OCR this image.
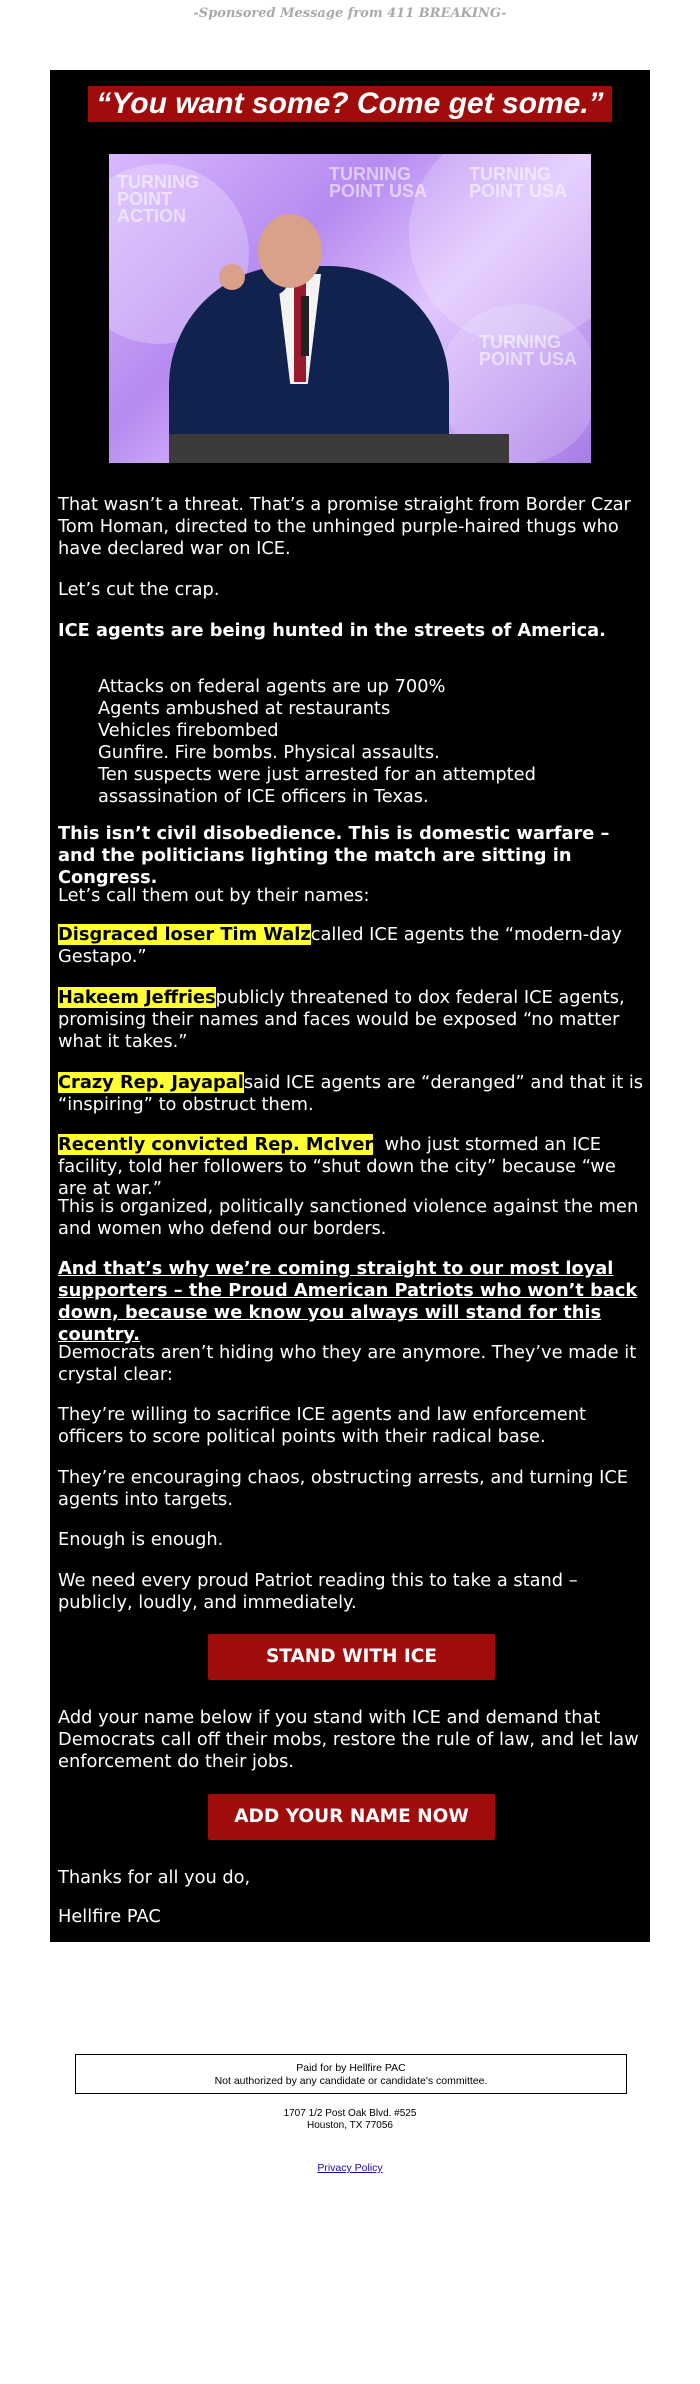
-Sponsored Message from 411 BREAKING-
“You want some? Come get some.”
TURNING POINT ACTION
TURNING POINT USA
TURNING POINT USA
TURNING POINT USA

That wasn’t a threat. That’s a promise straight from Border Czar Tom Homan, directed to the unhinged purple-haired thugs who have declared war on ICE.

Let’s cut the crap.

ICE agents are being hunted in the streets of America.

Attacks on federal agents are up 700%
Agents ambushed at restaurants
Vehicles firebombed
Gunfire. Fire bombs. Physical assaults.
Ten suspects were just arrested for an attempted assassination of ICE officers in Texas.

This isn’t civil disobedience. This is domestic warfare – and the politicians lighting the match are sitting in Congress.

Let’s call them out by their names:

Disgraced loser Tim Walzcalled ICE agents the “modern-day Gestapo.”

Hakeem Jeffriespublicly threatened to dox federal ICE agents, promising their names and faces would be exposed “no matter what it takes.”

Crazy Rep. Jayapalsaid ICE agents are “deranged” and that it is “inspiring” to obstruct them.

Recently convicted Rep. McIver  who just stormed an ICE facility, told her followers to “shut down the city” because “we are at war.”

This is organized, politically sanctioned violence against the men and women who defend our borders.

And that’s why we’re coming straight to our most loyal supporters – the Proud American Patriots who won’t back down, because we know you always will stand for this country.

Democrats aren’t hiding who they are anymore. They’ve made it crystal clear:

They’re willing to sacrifice ICE agents and law enforcement officers to score political points with their radical base.

They’re encouraging chaos, obstructing arrests, and turning ICE agents into targets.

Enough is enough.

We need every proud Patriot reading this to take a stand – publicly, loudly, and immediately.

STAND WITH ICE

Add your name below if you stand with ICE and demand that Democrats call off their mobs, restore the rule of law, and let law enforcement do their jobs.

ADD YOUR NAME NOW

Thanks for all you do,

Hellfire PAC

Paid for by Hellfire PAC
Not authorized by any candidate or candidate's committee.
1707 1/2 Post Oak Blvd. #525
Houston, TX 77056
Privacy Policy
